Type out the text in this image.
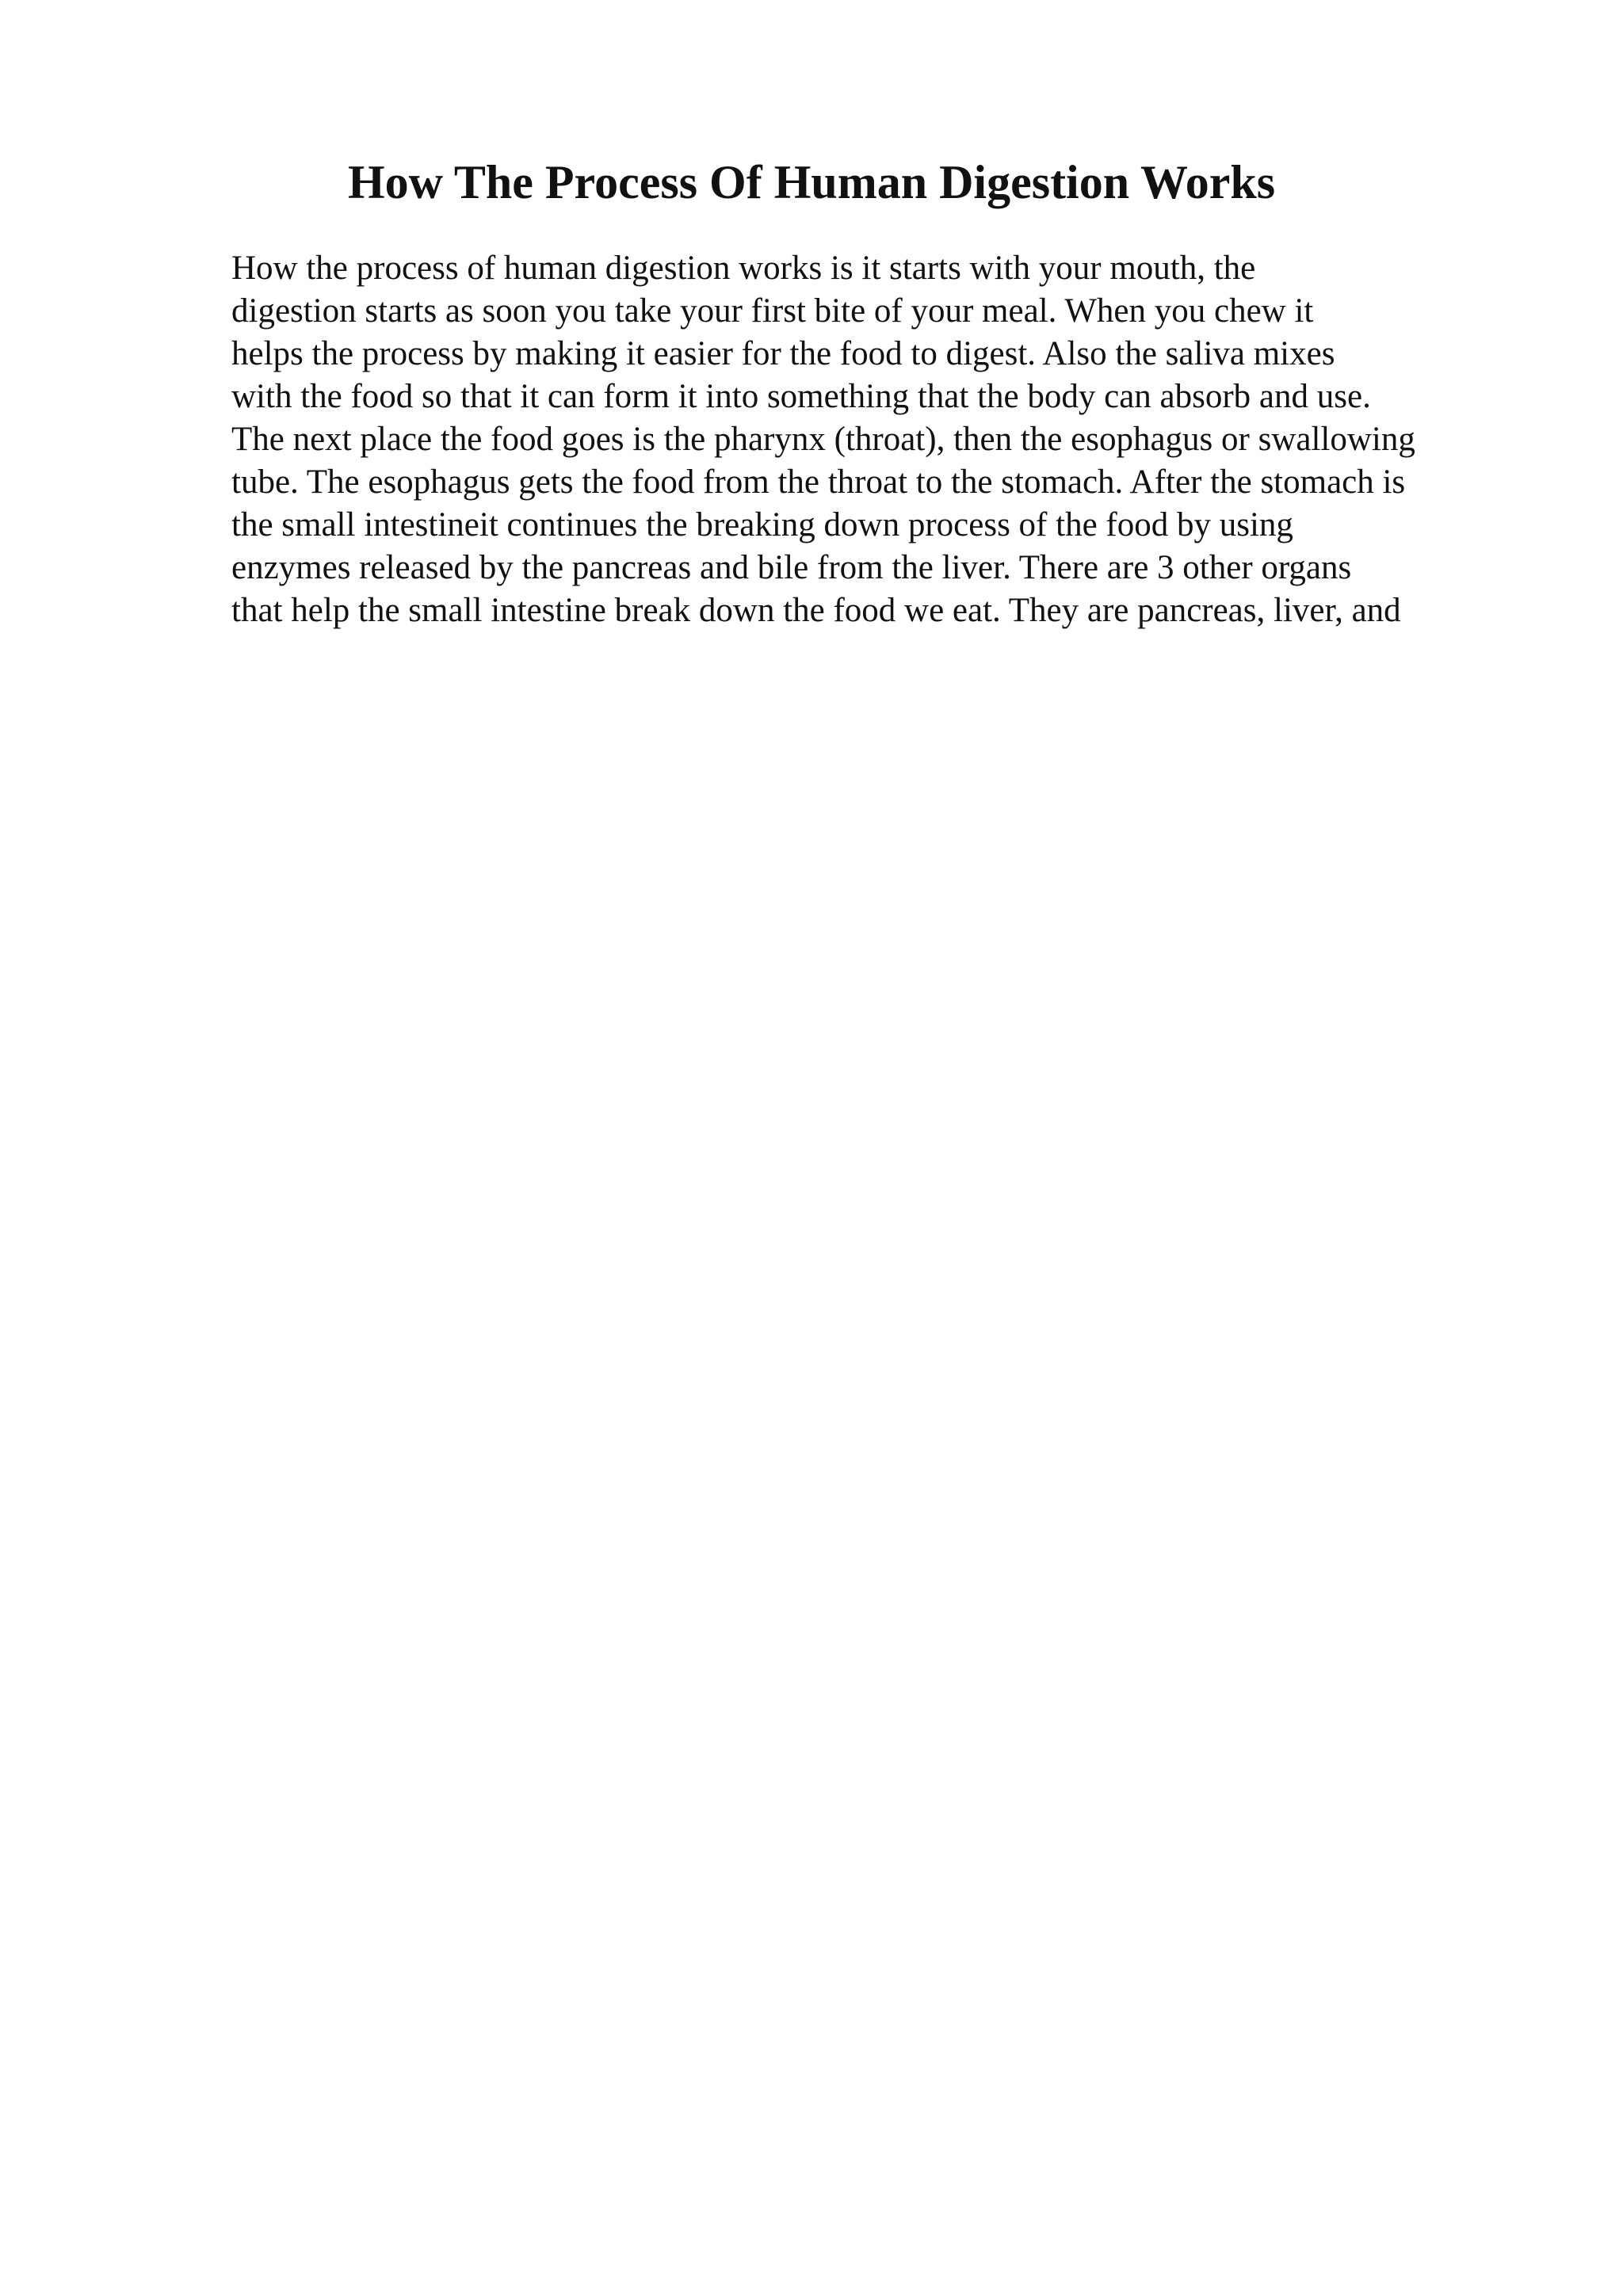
How The Process Of Human Digestion Works
How the process of human digestion works is it starts with your mouth, the
digestion starts as soon you take your first bite of your meal. When you chew it
helps the process by making it easier for the food to digest. Also the saliva mixes
with the food so that it can form it into something that the body can absorb and use.
The next place the food goes is the pharynx (throat), then the esophagus or swallowing
tube. The esophagus gets the food from the throat to the stomach. After the stomach is
the small intestineit continues the breaking down process of the food by using
enzymes released by the pancreas and bile from the liver. There are 3 other organs
that help the small intestine break down the food we eat. They are pancreas, liver, and
